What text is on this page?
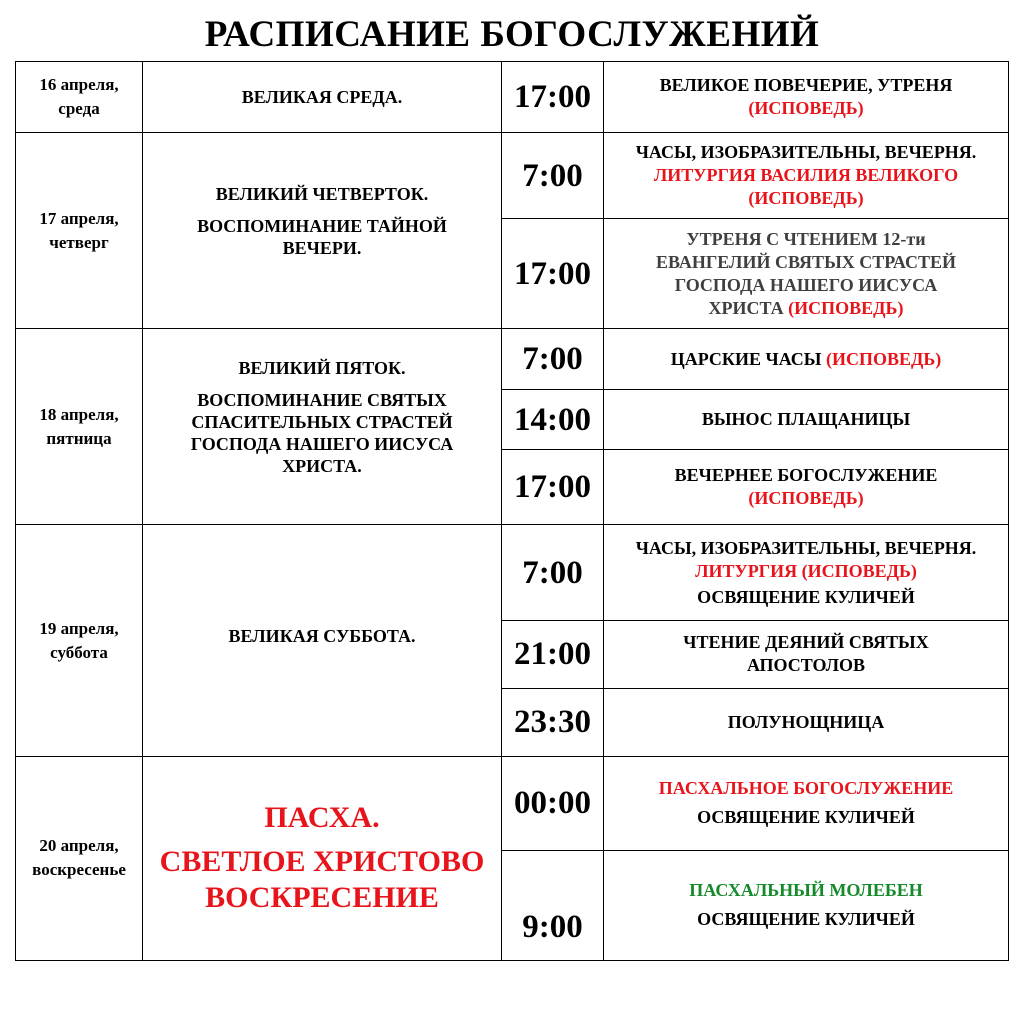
РАСПИСАНИЕ БОГОСЛУЖЕНИЙ
16 апреля,
среда	ВЕЛИКАЯ СРЕДА.	17:00	ВЕЛИКОЕ ПОВЕЧЕРИЕ, УТРЕНЯ
(ИСПОВЕДЬ)

17 апреля,
четверг	ВЕЛИКИЙ ЧЕТВЕРТОК.
ВОСПОМИНАНИЕ ТАЙНОЙ
ВЕЧЕРИ.	7:00	ЧАСЫ, ИЗОБРАЗИТЕЛЬНЫ, ВЕЧЕРНЯ.
ЛИТУРГИЯ ВАСИЛИЯ ВЕЛИКОГО
(ИСПОВЕДЬ)

		17:00	УТРЕНЯ С ЧТЕНИЕМ 12-ти
ЕВАНГЕЛИЙ СВЯТЫХ СТРАСТЕЙ
ГОСПОДА НАШЕГО ИИСУСА
ХРИСТА (ИСПОВЕДЬ)

18 апреля,
пятница	ВЕЛИКИЙ ПЯТОК.
ВОСПОМИНАНИЕ СВЯТЫХ
СПАСИТЕЛЬНЫХ СТРАСТЕЙ
ГОСПОДА НАШЕГО ИИСУСА
ХРИСТА.	7:00	ЦАРСКИЕ ЧАСЫ (ИСПОВЕДЬ)

		14:00	ВЫНОС ПЛАЩАНИЦЫ

		17:00	ВЕЧЕРНЕЕ БОГОСЛУЖЕНИЕ
(ИСПОВЕДЬ)

19 апреля,
суббота	ВЕЛИКАЯ СУББОТА.	7:00	ЧАСЫ, ИЗОБРАЗИТЕЛЬНЫ, ВЕЧЕРНЯ.
ЛИТУРГИЯ (ИСПОВЕДЬ)
ОСВЯЩЕНИЕ КУЛИЧЕЙ

		21:00	ЧТЕНИЕ ДЕЯНИЙ СВЯТЫХ
АПОСТОЛОВ

		23:30	ПОЛУНОЩНИЦА

20 апреля,
воскресенье	ПАСХА.
СВЕТЛОЕ ХРИСТОВО
ВОСКРЕСЕНИЕ	00:00	ПАСХАЛЬНОЕ БОГОСЛУЖЕНИЕ
ОСВЯЩЕНИЕ КУЛИЧЕЙ

		9:00	ПАСХАЛЬНЫЙ МОЛЕБЕН
ОСВЯЩЕНИЕ КУЛИЧЕЙ
